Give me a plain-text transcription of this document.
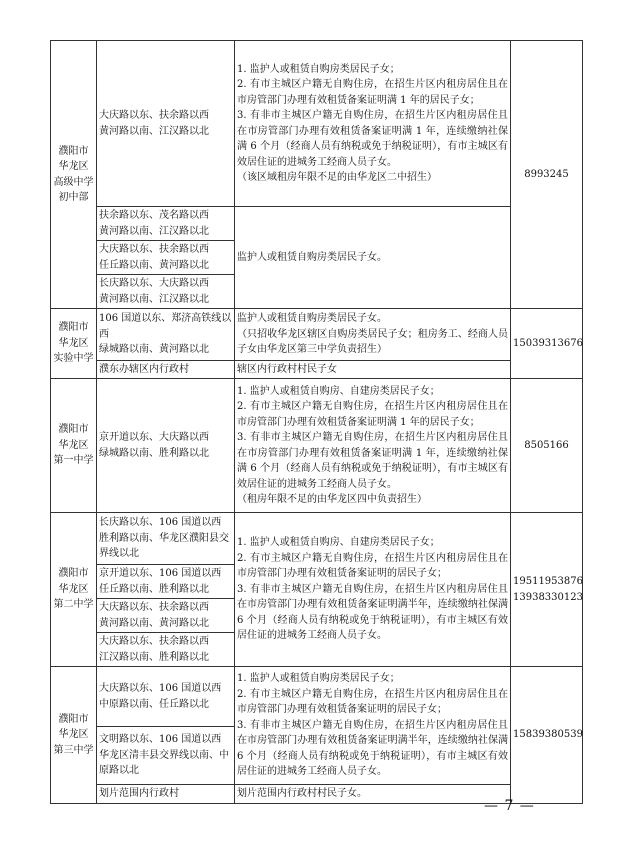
濮阳市
华龙区
高级中学
初中部	大庆路以东、扶余路以西
黄河路以南、江汉路以北	1. 监护人或租赁自购房类居民子女；
2. 有市主城区户籍无自购住房，在招生片区内租房居住且在市房管部门办理有效租赁备案证明满 1 年的居民子女；
3. 有非市主城区户籍无自购住房，在招生片区内租房居住且在市房管部门办理有效租赁备案证明满 1 年，连续缴纳社保满 6 个月（经商人员有纳税或免于纳税证明），有市主城区有效居住证的进城务工经商人员子女。
（该区域租房年限不足的由华龙区二中招生）	8993245

	扶余路以东、茂名路以西
黄河路以南、江汉路以北	监护人或租赁自购房类居民子女。	

	大庆路以东、扶余路以西
任丘路以南、黄河路以北		

	长庆路以东、大庆路以西
黄河路以南、江汉路以北		

濮阳市
华龙区
实验中学	106 国道以东、郑济高铁线以西
绿城路以南、黄河路以北	监护人或租赁自购房类居民子女。
（只招收华龙区辖区自购房类居民子女；租房务工、经商人员子女由华龙区第三中学负责招生）	15039313676

	濮东办辖区内行政村	辖区内行政村村民子女	

濮阳市
华龙区
第一中学	京开道以东、大庆路以西
绿城路以南、胜利路以北	1. 监护人或租赁自购房、自建房类居民子女；
2. 有市主城区户籍无自购住房，在招生片区内租房居住且在市房管部门办理有效租赁备案证明满 1 年的居民子女；
3. 有非市主城区户籍无自购住房，在招生片区内租房居住且在市房管部门办理有效租赁备案证明满 1 年，连续缴纳社保满 6 个月（经商人员有纳税或免于纳税证明），有市主城区有效居住证的进城务工经商人员子女。
（租房年限不足的由华龙区四中负责招生）	8505166

濮阳市
华龙区
第二中学	长庆路以东、106 国道以西
胜利路以南、华龙区濮阳县交界线以北	1. 监护人或租赁自购房、自建房类居民子女；
2. 有市主城区户籍无自购住房，在招生片区内租房居住且在市房管部门办理有效租赁备案证明的居民子女；
3. 有非市主城区户籍无自购住房，在招生片区内租房居住且在市房管部门办理有效租赁备案证明满半年，连续缴纳社保满 6 个月（经商人员有纳税或免于纳税证明），有市主城区有效居住证的进城务工经商人员子女。	19511953876
13938330123

	京开道以东、106 国道以西
任丘路以南、胜利路以北		

	大庆路以东、扶余路以西
黄河路以南、黄河路以北		

	大庆路以东、扶余路以西
江汉路以南、胜利路以北		

濮阳市
华龙区
第三中学	大庆路以东、106 国道以西
中原路以南、任丘路以北	1. 监护人或租赁自购房类居民子女；
2. 有市主城区户籍无自购住房，在招生片区内租房居住且在市房管部门办理有效租赁备案证明的居民子女；
3. 有非市主城区户籍无自购住房，在招生片区内租房居住且在市房管部门办理有效租赁备案证明满半年，连续缴纳社保满 6 个月（经商人员有纳税或免于纳税证明），有市主城区有效居住证的进城务工经商人员子女。	15839380539

	文明路以东、106 国道以西
华龙区清丰县交界线以南、中原路以北		

	划片范围内行政村	划片范围内行政村村民子女。	
— 7 —
